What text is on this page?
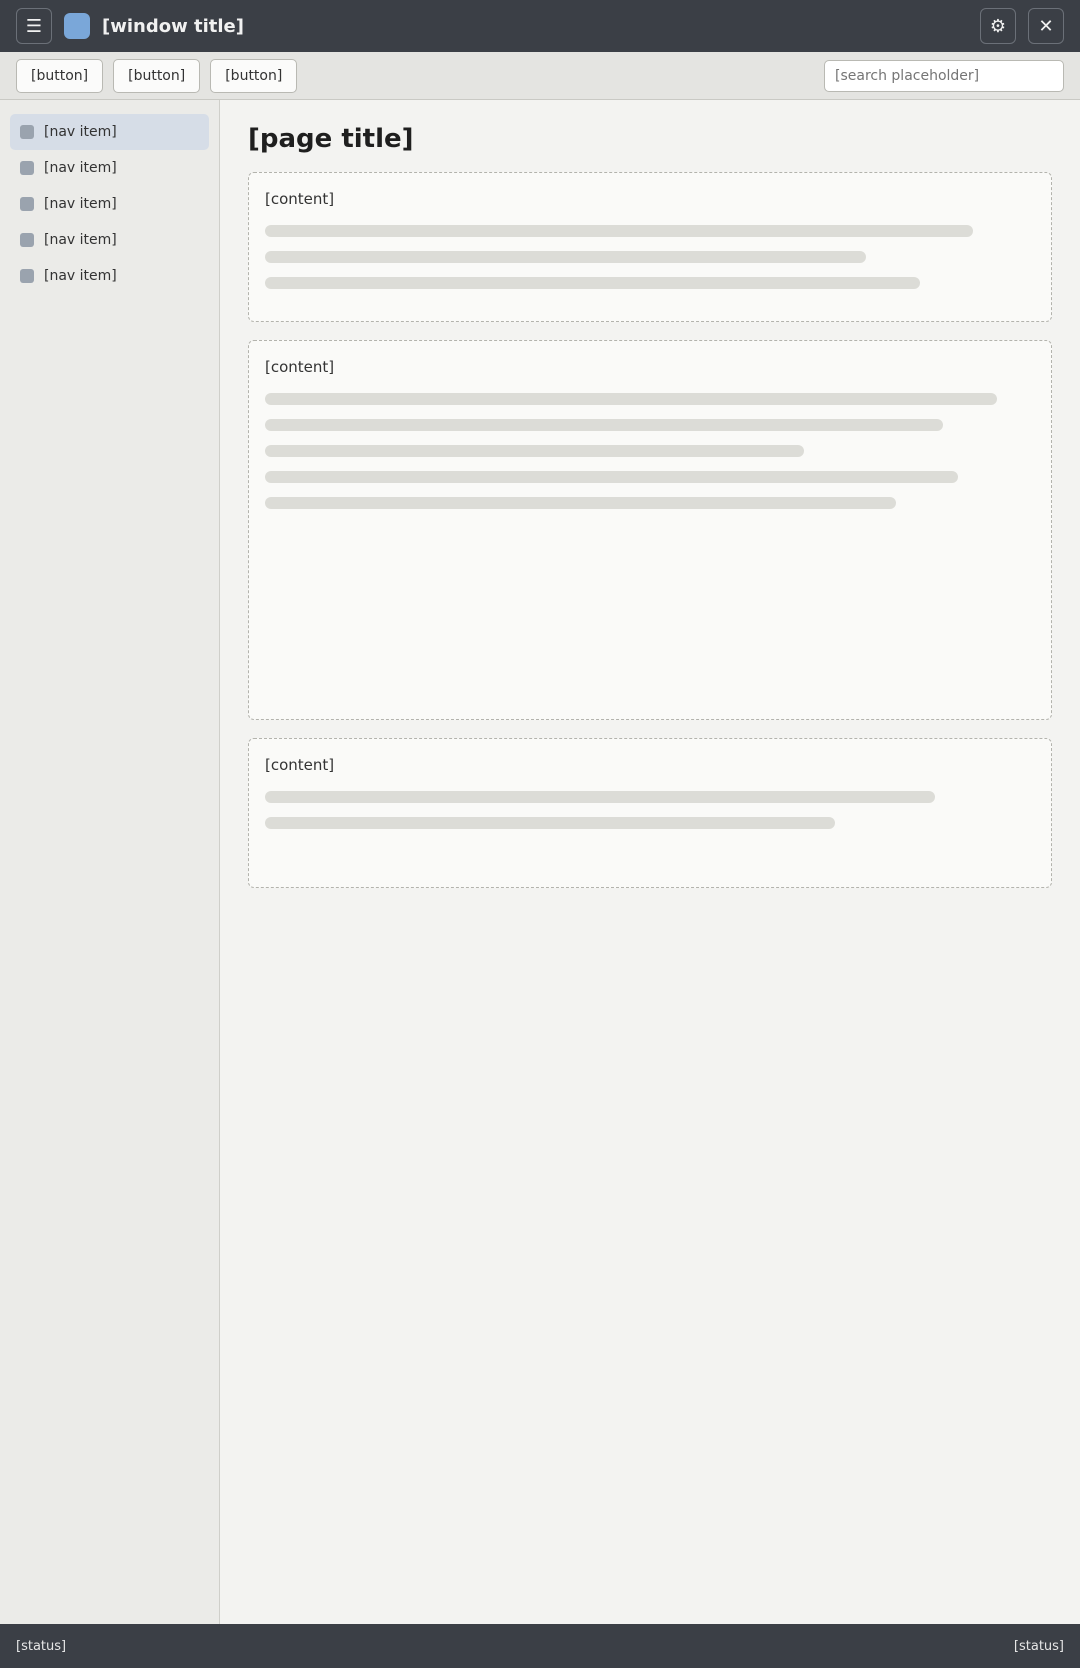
☰	[window title]	⚙	✕
[button]	[button]	[button]
[search placeholder]
[nav item]
[nav item]
[nav item]
[nav item]
[nav item]
[page title]
[content]
[content]
[content]
[status]	[status]
